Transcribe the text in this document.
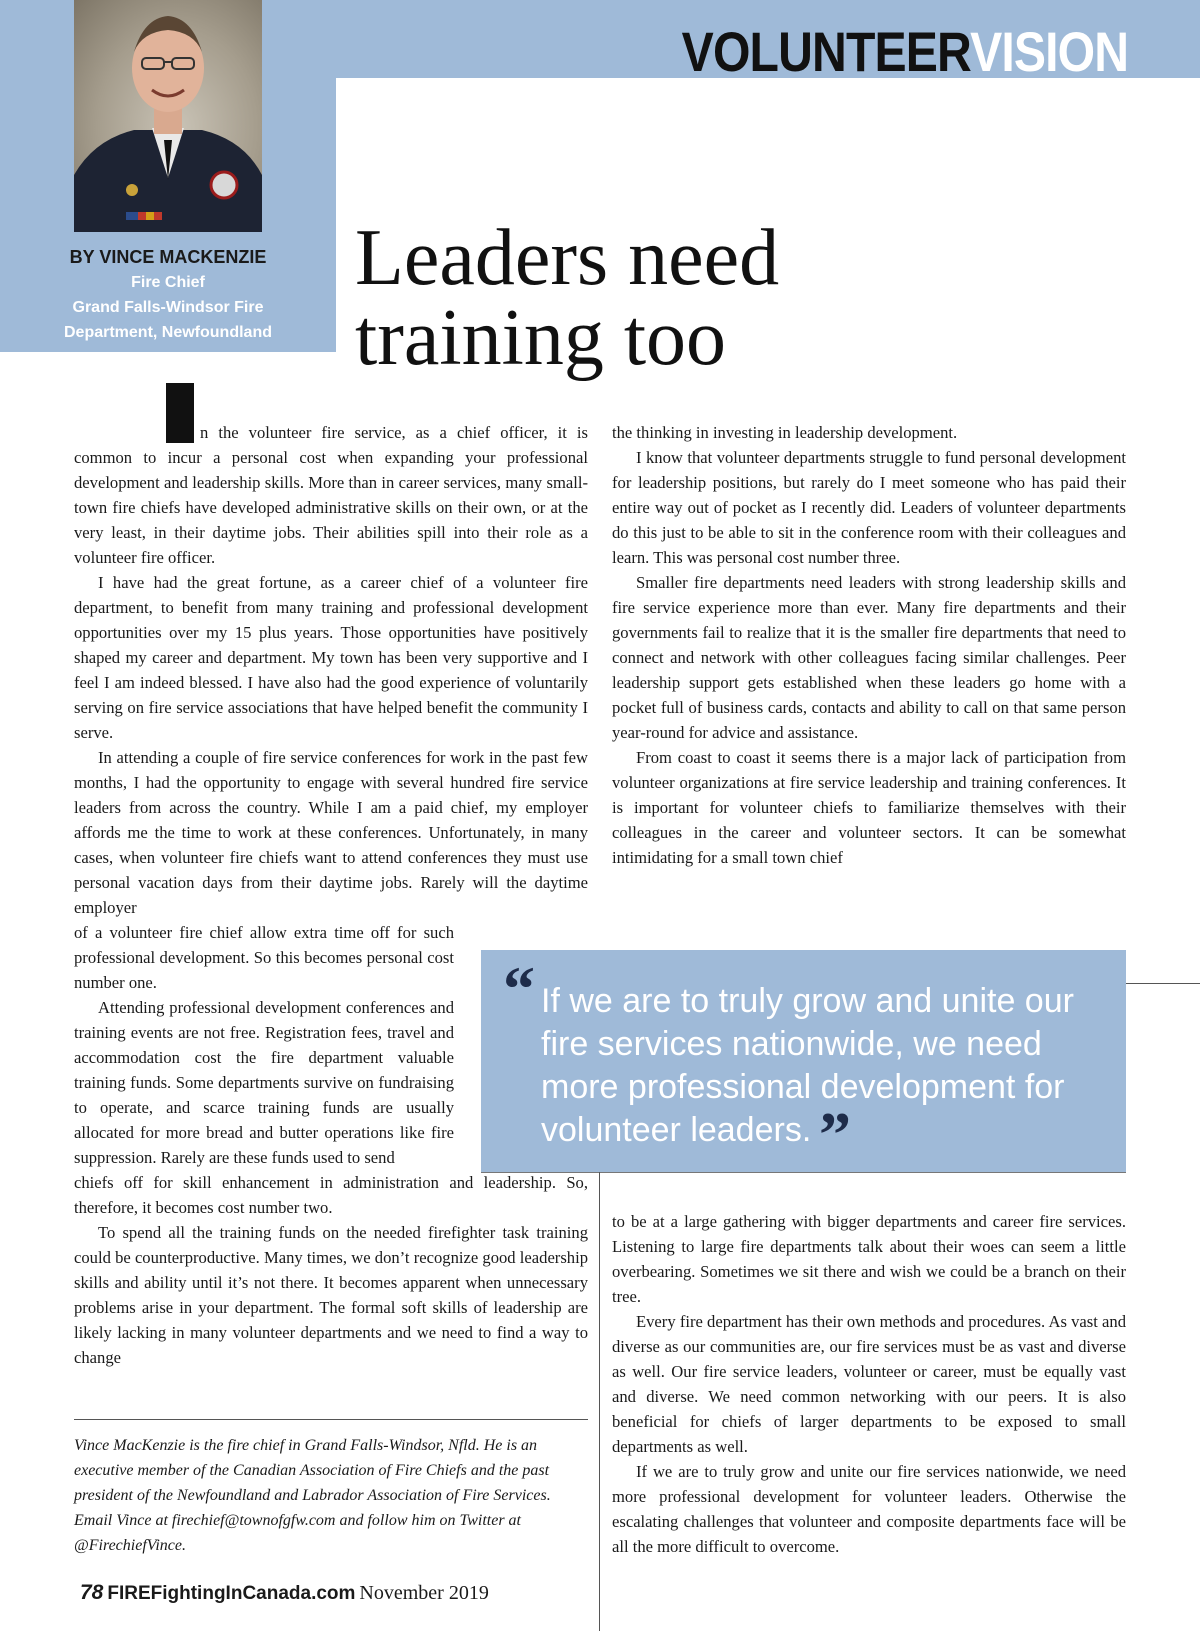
VOLUNTEERVISION
BY VINCE MACKENZIE
Fire Chief
Grand Falls-Windsor Fire
Department, Newfoundland
Leaders need
training too

n the volunteer fire service, as a chief officer, it is common to incur a personal cost when expanding your professional development and leadership skills. More than in career services, many small-town fire chiefs have developed administrative skills on their own, or at the very least, in their daytime jobs. Their abilities spill into their role as a volunteer fire officer.

I have had the great fortune, as a career chief of a volunteer fire department, to benefit from many training and professional development opportunities over my 15 plus years. Those opportunities have positively shaped my career and department. My town has been very supportive and I feel I am indeed blessed. I have also had the good experience of voluntarily serving on fire service associations that have helped benefit the community I serve.

In attending a couple of fire service conferences for work in the past few months, I had the opportunity to engage with several hundred fire service leaders from across the country. While I am a paid chief, my employer affords me the time to work at these conferences. Unfortunately, in many cases, when volunteer fire chiefs want to attend conferences they must use personal vacation days from their daytime jobs. Rarely will the daytime employer

of a volunteer fire chief allow extra time off for such professional development. So this becomes personal cost number one.

Attending professional development conferences and training events are not free. Registration fees, travel and accommodation cost the fire department valuable training funds. Some departments survive on fundraising to operate, and scarce training funds are usually allocated for more bread and butter operations like fire suppression. Rarely are these funds used to send

chiefs off for skill enhancement in administration and leadership. So, therefore, it becomes cost number two.

To spend all the training funds on the needed firefighter task training could be counterproductive. Many times, we don’t recognize good leadership skills and ability until it’s not there. It becomes apparent when unnecessary problems arise in your department. The formal soft skills of leadership are likely lacking in many volunteer departments and we need to find a way to change

the thinking in investing in leadership development.

I know that volunteer departments struggle to fund personal development for leadership positions, but rarely do I meet someone who has paid their entire way out of pocket as I recently did. Leaders of volunteer departments do this just to be able to sit in the conference room with their colleagues and learn. This was personal cost number three.

Smaller fire departments need leaders with strong leadership skills and fire service experience more than ever. Many fire departments and their governments fail to realize that it is the smaller fire departments that need to connect and network with other colleagues facing similar challenges. Peer leadership support gets established when these leaders go home with a pocket full of business cards, contacts and ability to call on that same person year-round for advice and assistance.

From coast to coast it seems there is a major lack of participation from volunteer organizations at fire service leadership and training conferences. It is important for volunteer chiefs to familiarize themselves with their colleagues in the career and volunteer sectors. It can be somewhat intimidating for a small town chief

“ If we are to truly grow and unite our fire services nationwide, we need more professional development for volunteer leaders. ”

to be at a large gathering with bigger departments and career fire services. Listening to large fire departments talk about their woes can seem a little overbearing. Sometimes we sit there and wish we could be a branch on their tree.

Every fire department has their own methods and procedures. As vast and diverse as our communities are, our fire services must be as vast and diverse as well. Our fire service leaders, volunteer or career, must be equally vast and diverse. We need common networking with our peers. It is also beneficial for chiefs of larger departments to be exposed to small departments as well.

If we are to truly grow and unite our fire services nationwide, we need more professional development for volunteer leaders. Otherwise the escalating challenges that volunteer and composite departments face will be all the more difficult to overcome.

Vince MacKenzie is the fire chief in Grand Falls-Windsor, Nfld. He is an executive member of the Canadian Association of Fire Chiefs and the past president of the Newfoundland and Labrador Association of Fire Services. Email Vince at firechief@townofgfw.com and follow him on Twitter at @FirechiefVince.

78 FIREFightingInCanada.com November 2019
